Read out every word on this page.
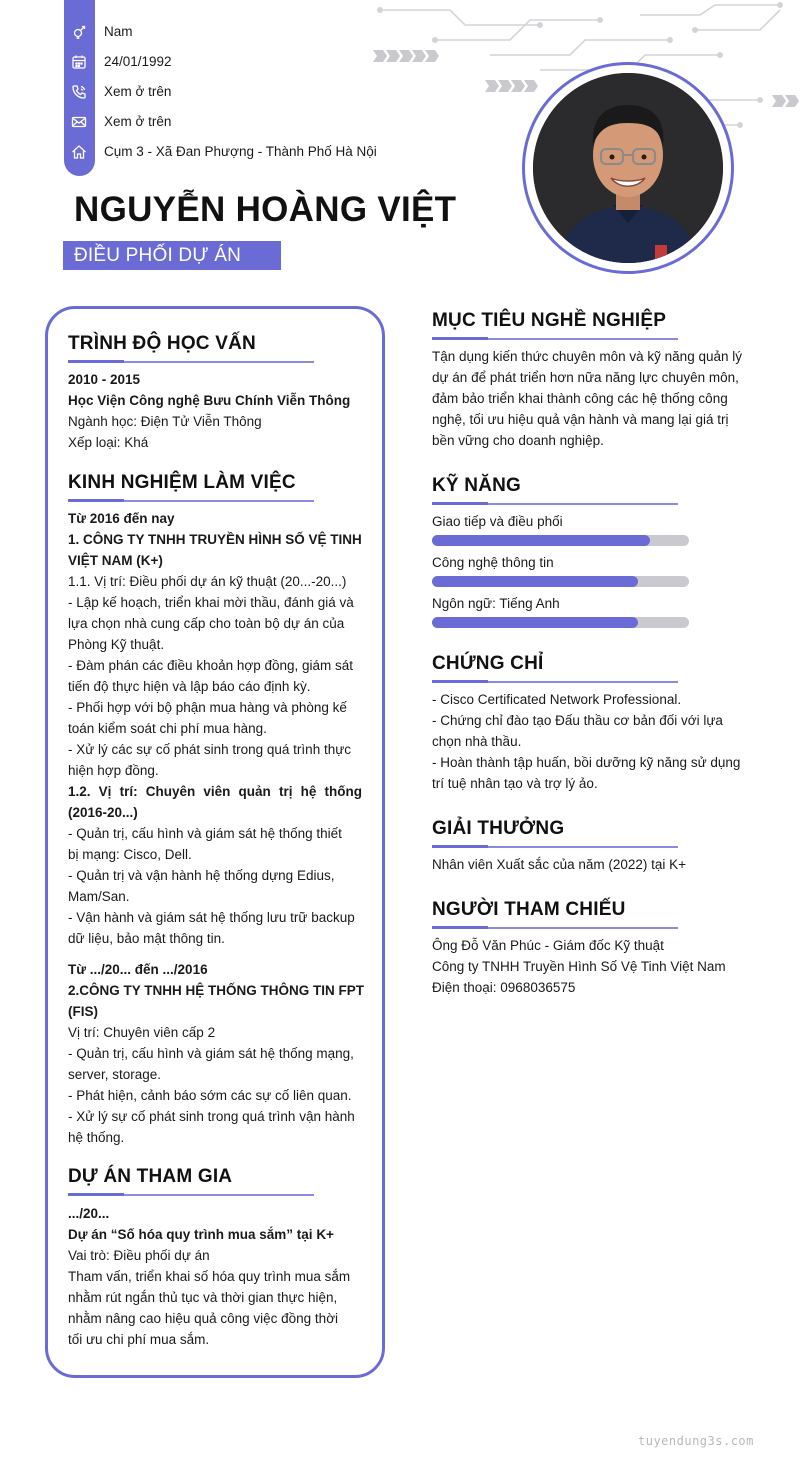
Nam
24/01/1992
Xem ở trên
Xem ở trên
Cụm 3 - Xã Đan Phượng - Thành Phố Hà Nội
NGUYỄN HOÀNG VIỆT
ĐIỀU PHỐI DỰ ÁN
TRÌNH ĐỘ HỌC VẤN
2010 - 2015
Học Viện Công nghệ Bưu Chính Viễn Thông
Ngành học: Điện Tử Viễn Thông
Xếp loại: Khá
KINH NGHIỆM LÀM VIỆC
Từ 2016 đến nay
1. CÔNG TY TNHH TRUYỀN HÌNH SỐ VỆ TINH
VIỆT NAM (K+)
1.1. Vị trí: Điều phối dự án kỹ thuật (20...-20...)
- Lập kế hoạch, triển khai mời thầu, đánh giá và
lựa chọn nhà cung cấp cho toàn bộ dự án của
Phòng Kỹ thuật.
- Đàm phán các điều khoản hợp đồng, giám sát
tiến độ thực hiện và lập báo cáo định kỳ.
- Phối hợp với bộ phận mua hàng và phòng kế
toán kiểm soát chi phí mua hàng.
- Xử lý các sự cố phát sinh trong quá trình thực
hiện hợp đồng.
1.2. Vị trí: Chuyên viên quản trị hệ thống
(2016-20...)
- Quản trị, cấu hình và giám sát hệ thống thiết
bị mạng: Cisco, Dell.
- Quản trị và vận hành hệ thống dựng Edius,
Mam/San.
- Vận hành và giám sát hệ thống lưu trữ backup
dữ liệu, bảo mật thông tin.
Từ .../20... đến .../2016
2.CÔNG TY TNHH HỆ THỐNG THÔNG TIN FPT
(FIS)
Vị trí: Chuyên viên cấp 2
- Quản trị, cấu hình và giám sát hệ thống mạng,
server, storage.
- Phát hiện, cảnh báo sớm các sự cố liên quan.
- Xử lý sự cố phát sinh trong quá trình vận hành
hệ thống.
DỰ ÁN THAM GIA
.../20...
Dự án “Số hóa quy trình mua sắm” tại K+
Vai trò: Điều phối dự án
Tham vấn, triển khai số hóa quy trình mua sắm
nhằm rút ngắn thủ tục và thời gian thực hiện,
nhằm nâng cao hiệu quả công việc đồng thời
tối ưu chi phí mua sắm.
MỤC TIÊU NGHỀ NGHIỆP
Tận dụng kiến thức chuyên môn và kỹ năng quản lý
dự án để phát triển hơn nữa năng lực chuyên môn,
đảm bảo triển khai thành công các hệ thống công
nghệ, tối ưu hiệu quả vận hành và mang lại giá trị
bền vững cho doanh nghiệp.
KỸ NĂNG
Giao tiếp và điều phối
Công nghệ thông tin
Ngôn ngữ: Tiếng Anh
CHỨNG CHỈ
- Cisco Certificated Network Professional.
- Chứng chỉ đào tạo Đấu thầu cơ bản đối với lựa
chọn nhà thầu.
- Hoàn thành tập huấn, bồi dưỡng kỹ năng sử dụng
trí tuệ nhân tạo và trợ lý ảo.
GIẢI THƯỞNG
Nhân viên Xuất sắc của năm (2022) tại K+
NGƯỜI THAM CHIẾU
Ông Đỗ Văn Phúc - Giám đốc Kỹ thuật
Công ty TNHH Truyền Hình Số Vệ Tinh Việt Nam
Điện thoại: 0968036575
tuyendung3s.com
